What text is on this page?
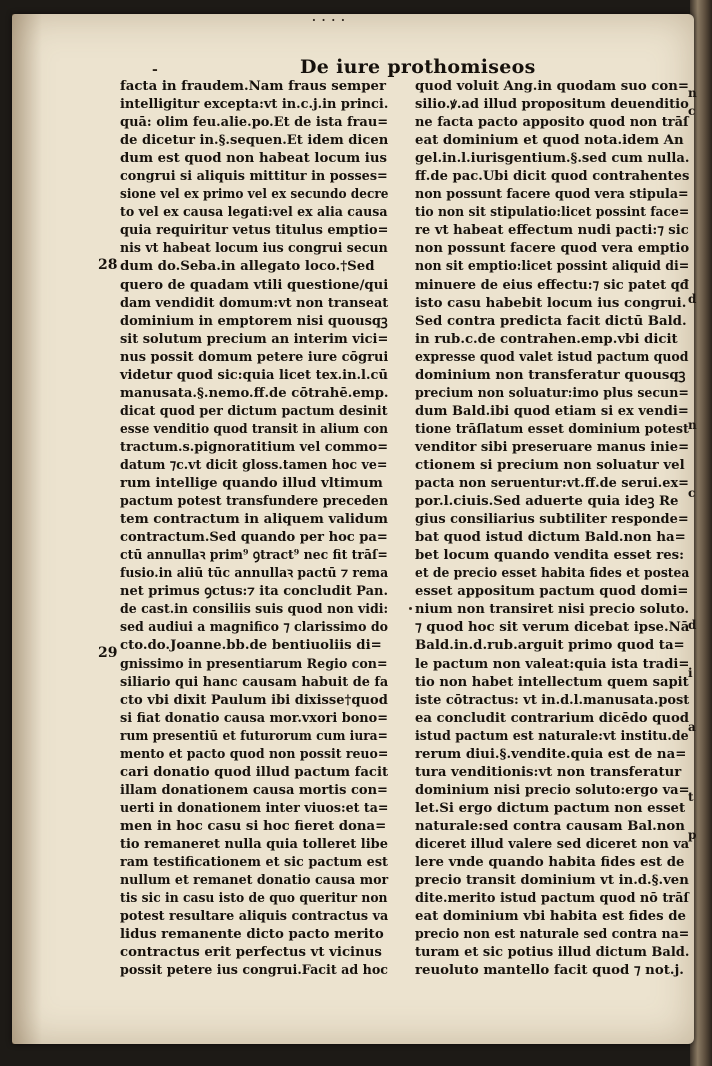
· · · ·
-	De iure prothomiseos
28
29
facta in fraudem.Nam fraus semper
intelligitur excepta:vt in.c.j.in princi.
quā: olim feu.alie.po.Et de ista frau=
de dicetur in.§.sequen.Et idem dicen
dum est quod non habeat locum ius
congrui si aliquis mittitur in posses=
sione vel ex primo vel ex secundo decre
to vel ex causa legati:vel ex alia causa
quia requiritur vetus titulus emptio=
nis vt habeat locum ius congrui secun
dum do.Seba.in allegato loco.†Sed
quero de quadam vtili questione/qui
dam vendidit domum:vt non transeat
dominium in emptorem nisi quousqꝫ
sit solutum precium an interim vici=
nus possit domum petere iure cōgrui
videtur quod sic:quia licet tex.in.l.cū
manusata.§.nemo.ff.de cōtrahē.emp.
dicat quod per dictum pactum desinit
esse venditio quod transit in alium con
tractum.s.pignoratitium vel commo=
datum ⁊c.vt dicit gloss.tamen hoc ve=
rum intellige quando illud vltimum
pactum potest transfundere preceden
tem contractum in aliquem validum
contractum.Sed quando per hoc pa=
ctū annullaꝛ prim⁹ ꝯtract⁹ nec fit trāſ=
fusio.in aliū tūc annullaꝛ pactū ⁊ rema
net primus ꝯctus:⁊ ita concludit Pan.
de cast.in consiliis suis quod non vidi:
sed audiui a magnifico ⁊ clarissimo do
cto.do.Joanne.bb.de bentiuoliis di=
gnissimo in presentiarum Regio con=
siliario qui hanc causam habuit de fa
cto vbi dixit Paulum ibi dixisse†quod
si fiat donatio causa mor.vxori bono=
rum presentiū et futurorum cum iura=
mento et pacto quod non possit reuo=
cari donatio quod illud pactum facit
illam donationem causa mortis con=
uerti in donationem inter viuos:et ta=
men in hoc casu si hoc fieret dona=
tio remaneret nulla quia tolleret libe
ram testificationem et sic pactum est
nullum et remanet donatio causa mor
tis sic in casu isto de quo queritur non
potest resultare aliquis contractus va
lidus remanente dicto pacto merito
contractus erit perfectus vt vicinus
possit petere ius congrui.Facit ad hoc
quod voluit Ang.in quodam suo con=
silio.ꝟ.ad illud propositum deuenditio
ne facta pacto apposito quod non trāſ
eat dominium et quod nota.idem An
gel.in.l.iurisgentium.§.sed cum nulla.
ff.de pac.Ubi dicit quod contrahentes
non possunt facere quod vera stipula=
tio non sit stipulatio:licet possint face=
re vt habeat effectum nudi pacti:⁊ sic
non possunt facere quod vera emptio
non sit emptio:licet possint aliquid di=
minuere de eius effectu:⁊ sic patet qđ
isto casu habebit locum ius congrui.
Sed contra predicta facit dictū Bald.
in rub.c.de contrahen.emp.vbi dicit
expresse quod valet istud pactum quod
dominium non transferatur quousqꝫ
precium non soluatur:imo plus secun=
dum Bald.ibi quod etiam si ex vendi=
tione trāſlatum esset dominium potest
venditor sibi preseruare manus inie=
ctionem si precium non soluatur vel
pacta non seruentur:vt.ff.de serui.ex=
por.l.ciuis.Sed aduerte quia ideꝫ Re
gius consiliarius subtiliter responde=
bat quod istud dictum Bald.non ha=
bet locum quando vendita esset res:
et de precio esset habita fides et postea
esset appositum pactum quod domi=
nium non transiret nisi precio soluto.
⁊ quod hoc sit verum dicebat ipse.Nā
Bald.in.d.rub.arguit primo quod ta=
le pactum non valeat:quia ista tradi=
tio non habet intellectum quem sapit
iste cōtractus: vt in.d.l.manusata.post
ea concludit contrarium dicēdo quod
istud pactum est naturale:vt institu.de
rerum diui.§.vendite.quia est de na=
tura venditionis:vt non transferatur
dominium nisi precio soluto:ergo va=
let.Si ergo dictum pactum non esset
naturale:sed contra causam Bal.non
diceret illud valere sed diceret non va
lere vnde quando habita fides est de
precio transit dominium vt in.d.§.ven
dite.merito istud pactum quod nō trāſ
eat dominium vbi habita est fides de
precio non est naturale sed contra na=
turam et sic potius illud dictum Bald.
reuoluto mantello facit quod ⁊ not.j.
n
c
d
n
c
d
i
a
t
p
